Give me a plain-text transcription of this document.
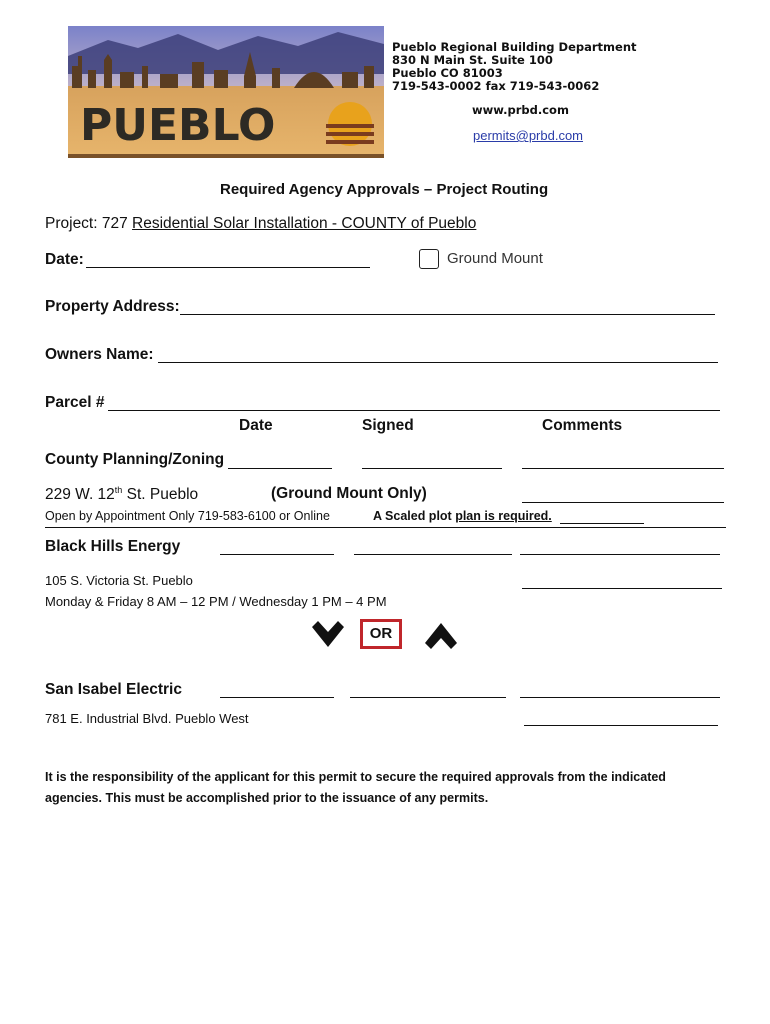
PUEBLO
Pueblo Regional Building Department
830 N Main St. Suite 100
Pueblo CO 81003
719-543-0002 fax 719-543-0062
www.prbd.com
permits@prbd.com
Required Agency Approvals – Project Routing
Project: 727 Residential Solar Installation - COUNTY of Pueblo
Date:	Ground Mount
Property Address:
Owners Name:
Parcel #
Date	Signed	Comments
County Planning/Zoning
229 W. 12th St. Pueblo	(Ground Mount Only)
Open by Appointment Only 719-583-6100 or Online	A Scaled plot plan is required.
Black Hills Energy
105 S. Victoria St. Pueblo
Monday & Friday 8 AM – 12 PM / Wednesday 1 PM – 4 PM
OR
San Isabel Electric
781 E. Industrial Blvd. Pueblo West
It is the responsibility of the applicant for this permit to secure the required approvals from the indicated
agencies. This must be accomplished prior to the issuance of any permits.
